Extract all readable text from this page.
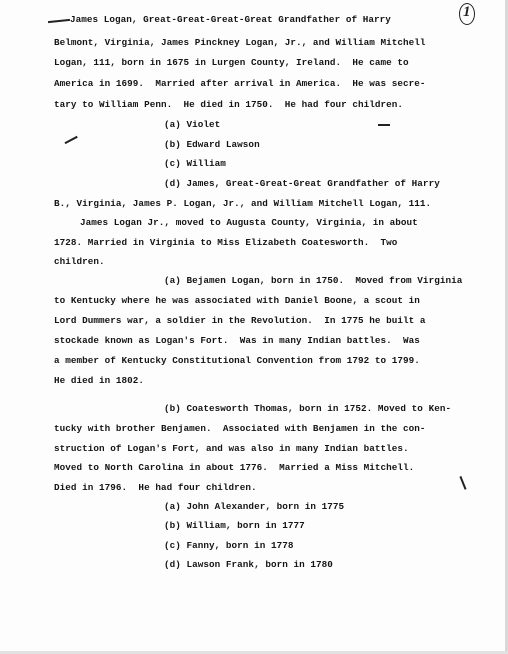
1
James Logan, Great-Great-Great-Great Grandfather of Harry
Belmont, Virginia, James Pinckney Logan, Jr., and William Mitchell
Logan, 111, born in 1675 in Lurgen County, Ireland.  He came to
America in 1699.  Married after arrival in America.  He was secre-
tary to William Penn.  He died in 1750.  He had four children.
(a) Violet
(b) Edward Lawson
(c) William
(d) James, Great-Great-Great Grandfather of Harry
B., Virginia, James P. Logan, Jr., and William Mitchell Logan, 111.
James Logan Jr., moved to Augusta County, Virginia, in about
1728. Married in Virginia to Miss Elizabeth Coatesworth.  Two
children.
(a) Bejamen Logan, born in 1750.  Moved from Virginia
to Kentucky where he was associated with Daniel Boone, a scout in
Lord Dummers war, a soldier in the Revolution.  In 1775 he built a
stockade known as Logan's Fort.  Was in many Indian battles.  Was
a member of Kentucky Constitutional Convention from 1792 to 1799.
He died in 1802.
(b) Coatesworth Thomas, born in 1752. Moved to Ken-
tucky with brother Benjamen.  Associated with Benjamen in the con-
struction of Logan's Fort, and was also in many Indian battles.
Moved to North Carolina in about 1776.  Married a Miss Mitchell.
Died in 1796.  He had four children.
(a) John Alexander, born in 1775
(b) William, born in 1777
(c) Fanny, born in 1778
(d) Lawson Frank, born in 1780
